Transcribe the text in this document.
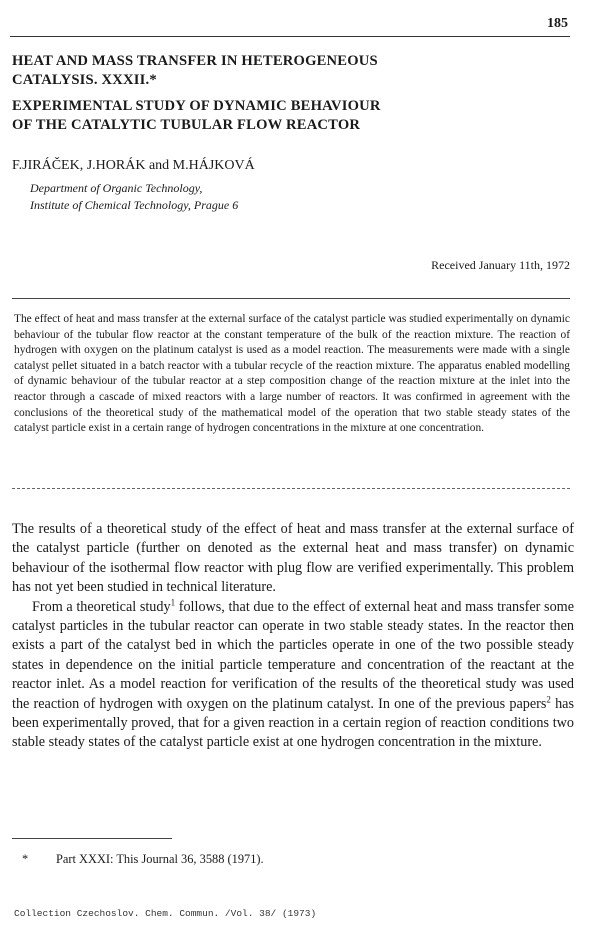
185
HEAT AND MASS TRANSFER IN HETEROGENEOUS
CATALYSIS. XXXII.*
EXPERIMENTAL STUDY OF DYNAMIC BEHAVIOUR
OF THE CATALYTIC TUBULAR FLOW REACTOR
F.JIRÁČEK, J.HORÁK and M.HÁJKOVÁ
Department of Organic Technology,
Institute of Chemical Technology, Prague 6
Received January 11th, 1972
The effect of heat and mass transfer at the external surface of the catalyst particle was studied experimentally on dynamic behaviour of the tubular flow reactor at the constant temperature of the bulk of the reaction mixture. The reaction of hydrogen with oxygen on the platinum catalyst is used as a model reaction. The measurements were made with a single catalyst pellet situated in a batch reactor with a tubular recycle of the reaction mixture. The apparatus enabled modelling of dynamic behaviour of the tubular reactor at a step composition change of the reaction mixture at the inlet into the reactor through a cascade of mixed reactors with a large number of reactors. It was confirmed in agreement with the conclusions of the theoretical study of the mathematical model of the operation that two stable steady states of the catalyst particle exist in a certain range of hydrogen concentrations in the mixture at one concentration.

The results of a theoretical study of the effect of heat and mass transfer at the external surface of the catalyst particle (further on denoted as the external heat and mass transfer) on dynamic behaviour of the isothermal flow reactor with plug flow are verified experimentally. This problem has not yet been studied in technical literature.

From a theoretical study$^1$ follows, that due to the effect of external heat and mass transfer some catalyst particles in the tubular reactor can operate in two stable steady states. In the reactor then exists a part of the catalyst bed in which the particles operate in one of the two possible steady states in dependence on the initial particle temperature and concentration of the reactant at the reactor inlet. As a model reaction for verification of the results of the theoretical study was used the reaction of hydrogen with oxygen on the platinum catalyst. In one of the previous papers$^2$ has been experimentally proved, that for a given reaction in a certain region of reaction conditions two stable steady states of the catalyst particle exist at one hydrogen concentration in the mixture.

* Part XXXI: This Journal 36, 3588 (1971).
Collection Czechoslov. Chem. Commun. /Vol. 38/ (1973)
